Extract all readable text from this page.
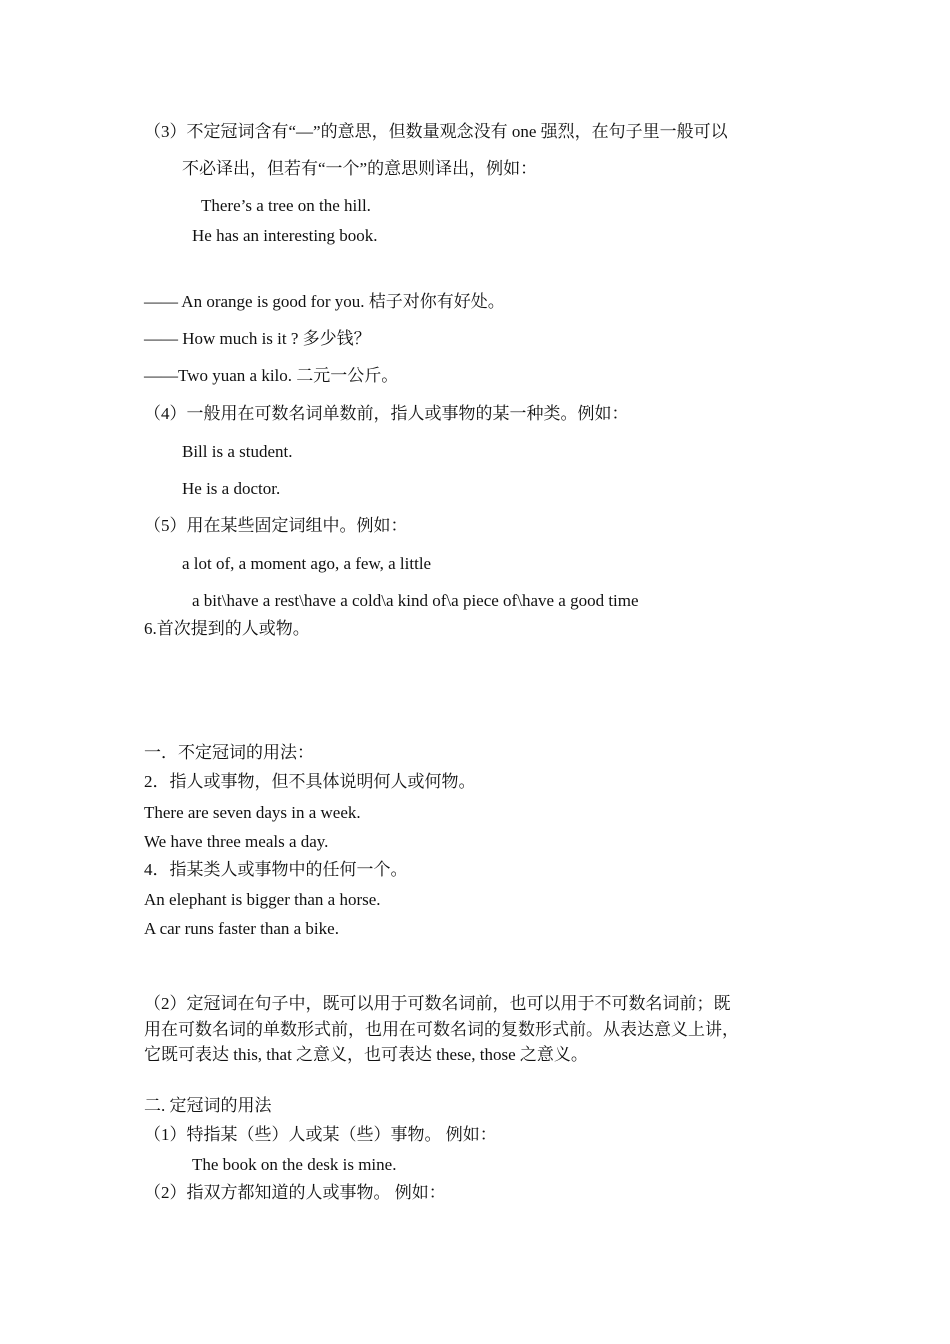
（3）不定冠词含有“—”的意思，但数量观念没有 one 强烈，在句子里一般可以
不必译出，但若有“一个”的意思则译出，例如：
There’s a tree on the hill.
He has an interesting book.
—— An orange is good for you. 桔子对你有好处。
—— How much is it ? 多少钱？
——Two yuan a kilo. 二元一公斤。
（4）一般用在可数名词单数前，指人或事物的某一种类。例如：
Bill is a student.
He is a doctor.
（5）用在某些固定词组中。例如：
a lot of, a moment ago, a few, a little
a bit\have a rest\have a cold\a kind of\a piece of\have a good time
6.首次提到的人或物。
一．不定冠词的用法：
2．指人或事物，但不具体说明何人或何物。
There are seven days in a week.
We have three meals a day.
4．指某类人或事物中的任何一个。
An elephant is bigger than a horse.
A car runs faster than a bike.
（2）定冠词在句子中，既可以用于可数名词前，也可以用于不可数名词前；既
用在可数名词的单数形式前，也用在可数名词的复数形式前。从表达意义上讲，
它既可表达 this, that 之意义，也可表达 these, those 之意义。
二. 定冠词的用法
（1）特指某（些）人或某（些）事物。 例如：
The book on the desk is mine.
（2）指双方都知道的人或事物。 例如：
